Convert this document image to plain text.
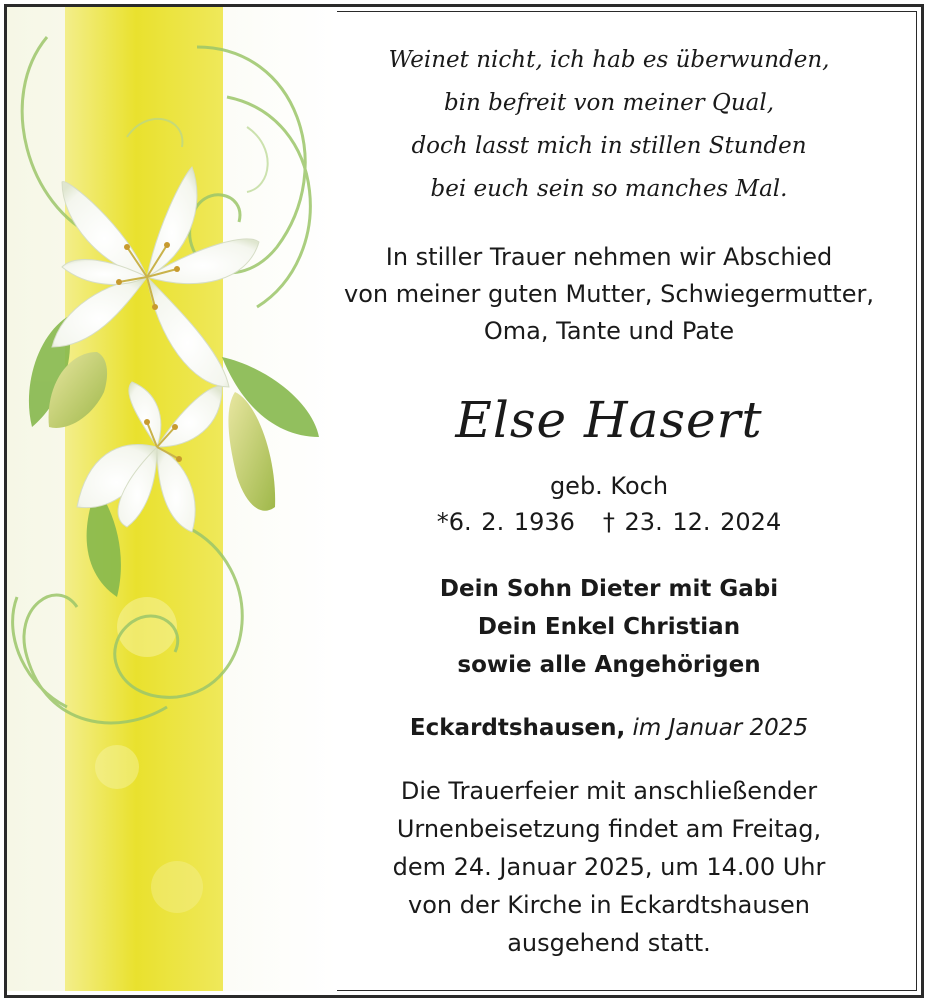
Weinet nicht, ich hab es überwunden,
bin befreit von meiner Qual,
doch lasst mich in stillen Stunden
bei euch sein so manches Mal.
In stiller Trauer nehmen wir Abschied
von meiner guten Mutter, Schwiegermutter,
Oma, Tante und Pate
Else Hasert
geb. Koch
*6. 2. 1936 † 23. 12. 2024
Dein Sohn Dieter mit Gabi
Dein Enkel Christian
sowie alle Angehörigen
Eckardtshausen, im Januar 2025
Die Trauerfeier mit anschließender
Urnenbeisetzung findet am Freitag,
dem 24. Januar 2025, um 14.00 Uhr
von der Kirche in Eckardtshausen
ausgehend statt.
